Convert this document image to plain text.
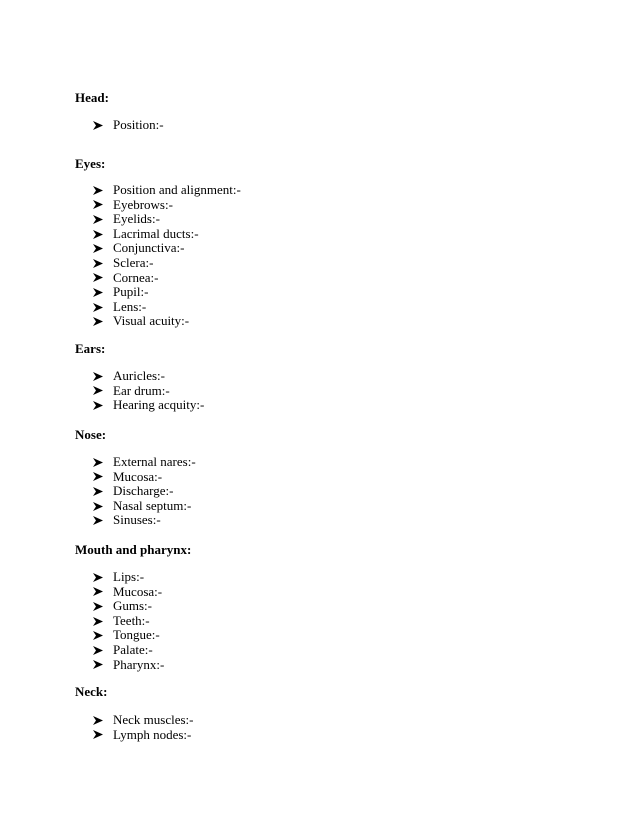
Head:
Position:-
Eyes:
Position and alignment:-
Eyebrows:-
Eyelids:-
Lacrimal ducts:-
Conjunctiva:-
Sclera:-
Cornea:-
Pupil:-
Lens:-
Visual acuity:-
Ears:
Auricles:-
Ear drum:-
Hearing acquity:-
Nose:
External nares:-
Mucosa:-
Discharge:-
Nasal septum:-
Sinuses:-
Mouth and pharynx:
Lips:-
Mucosa:-
Gums:-
Teeth:-
Tongue:-
Palate:-
Pharynx:-
Neck:
Neck muscles:-
Lymph nodes:-
